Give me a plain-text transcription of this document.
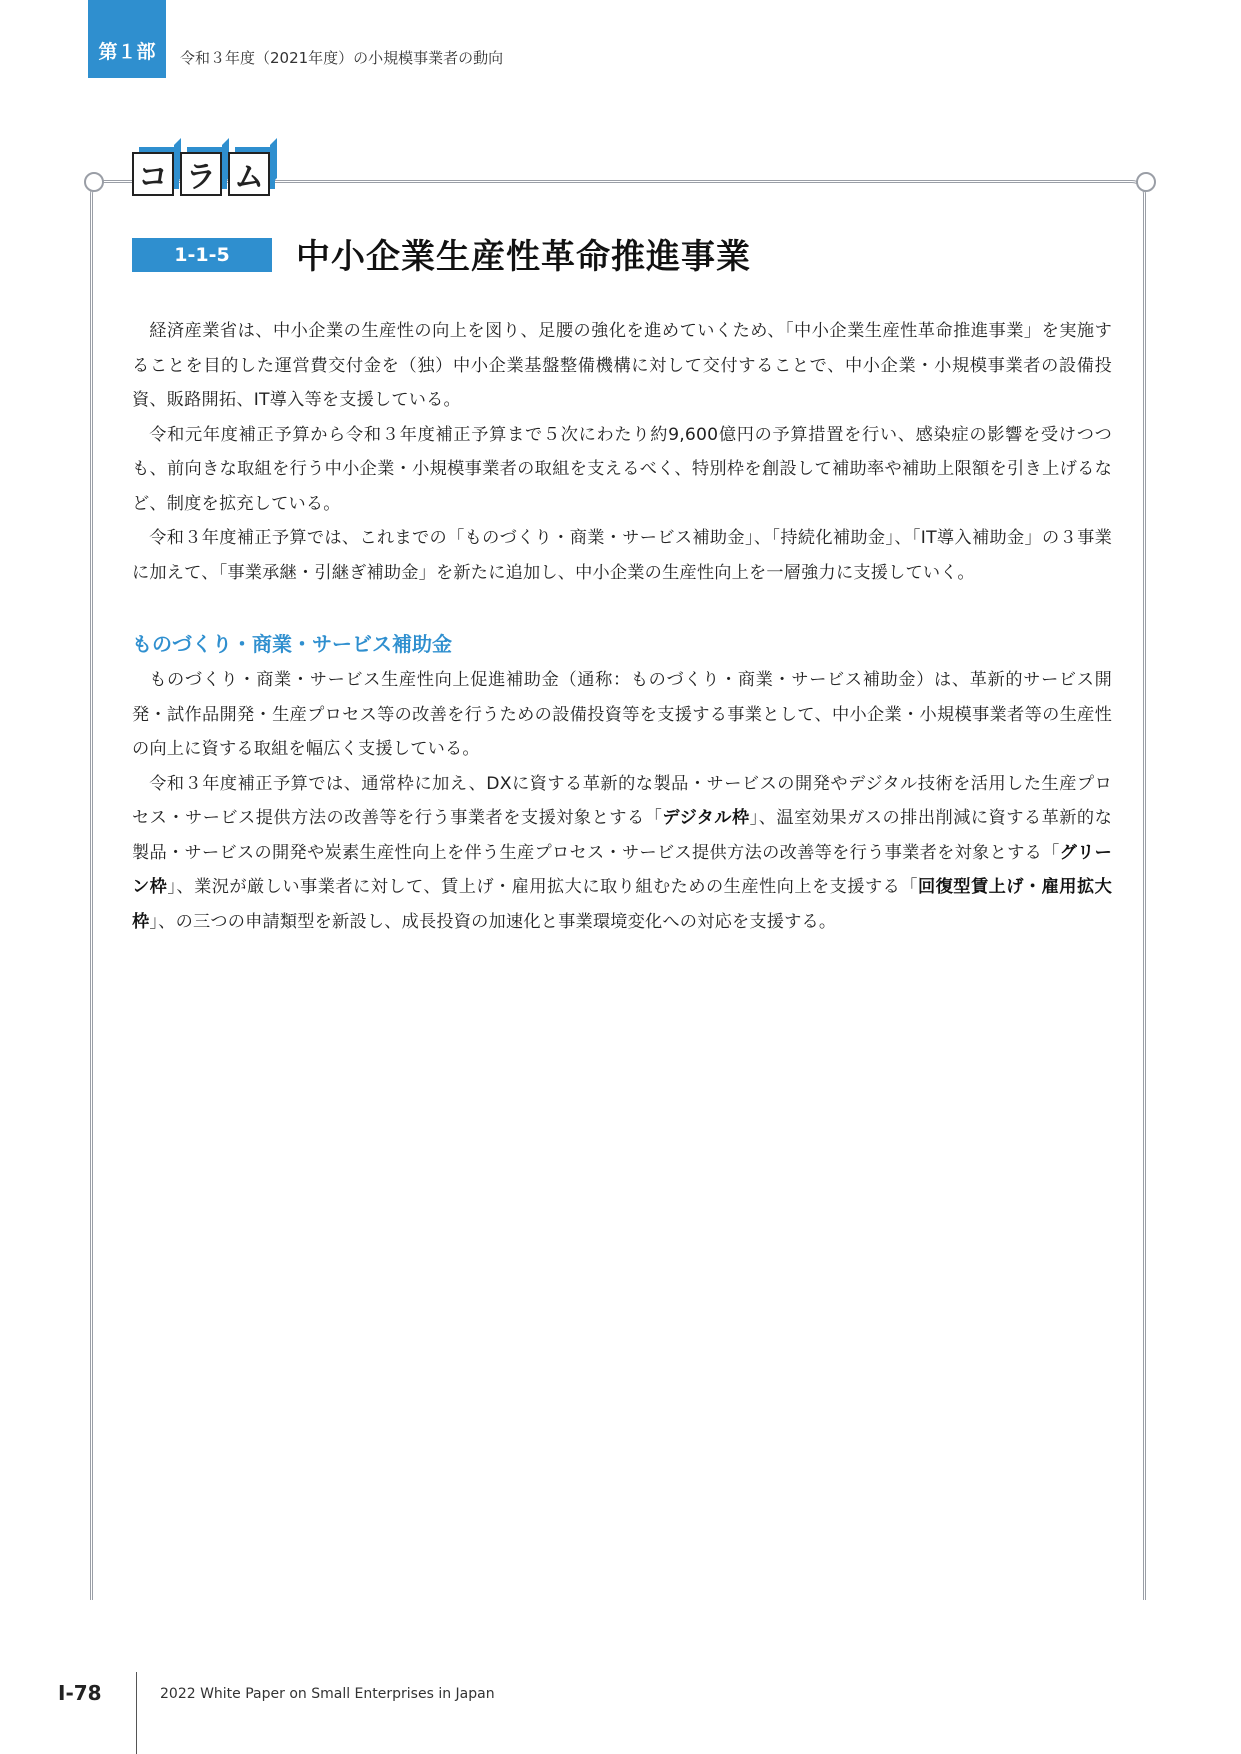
第１部 令和３年度（2021年度）の小規模事業者の動向
コ ラ ム
1-1-5	中小企業生産性革命推進事業

経済産業省は、中小企業の生産性の向上を図り、足腰の強化を進めていくため、「中小企業生産性革命推進事業」を実施することを目的した運営費交付金を（独）中小企業基盤整備機構に対して交付することで、中小企業・小規模事業者の設備投資、販路開拓、IT導入等を支援している。

令和元年度補正予算から令和３年度補正予算まで５次にわたり約9,600億円の予算措置を行い、感染症の影響を受けつつも、前向きな取組を行う中小企業・小規模事業者の取組を支えるべく、特別枠を創設して補助率や補助上限額を引き上げるなど、制度を拡充している。

令和３年度補正予算では、これまでの「ものづくり・商業・サービス補助金」、「持続化補助金」、「IT導入補助金」の３事業に加えて、「事業承継・引継ぎ補助金」を新たに追加し、中小企業の生産性向上を一層強力に支援していく。

ものづくり・商業・サービス補助金

ものづくり・商業・サービス生産性向上促進補助金（通称：ものづくり・商業・サービス補助金）は、革新的サービス開発・試作品開発・生産プロセス等の改善を行うための設備投資等を支援する事業として、中小企業・小規模事業者等の生産性の向上に資する取組を幅広く支援している。

令和３年度補正予算では、通常枠に加え、DXに資する革新的な製品・サービスの開発やデジタル技術を活用した生産プロセス・サービス提供方法の改善等を行う事業者を支援対象とする「デジタル枠」、温室効果ガスの排出削減に資する革新的な製品・サービスの開発や炭素生産性向上を伴う生産プロセス・サービス提供方法の改善等を行う事業者を対象とする「グリーン枠」、業況が厳しい事業者に対して、賃上げ・雇用拡大に取り組むための生産性向上を支援する「回復型賃上げ・雇用拡大枠」、の三つの申請類型を新設し、成長投資の加速化と事業環境変化への対応を支援する。

I-78	2022 White Paper on Small Enterprises in Japan
